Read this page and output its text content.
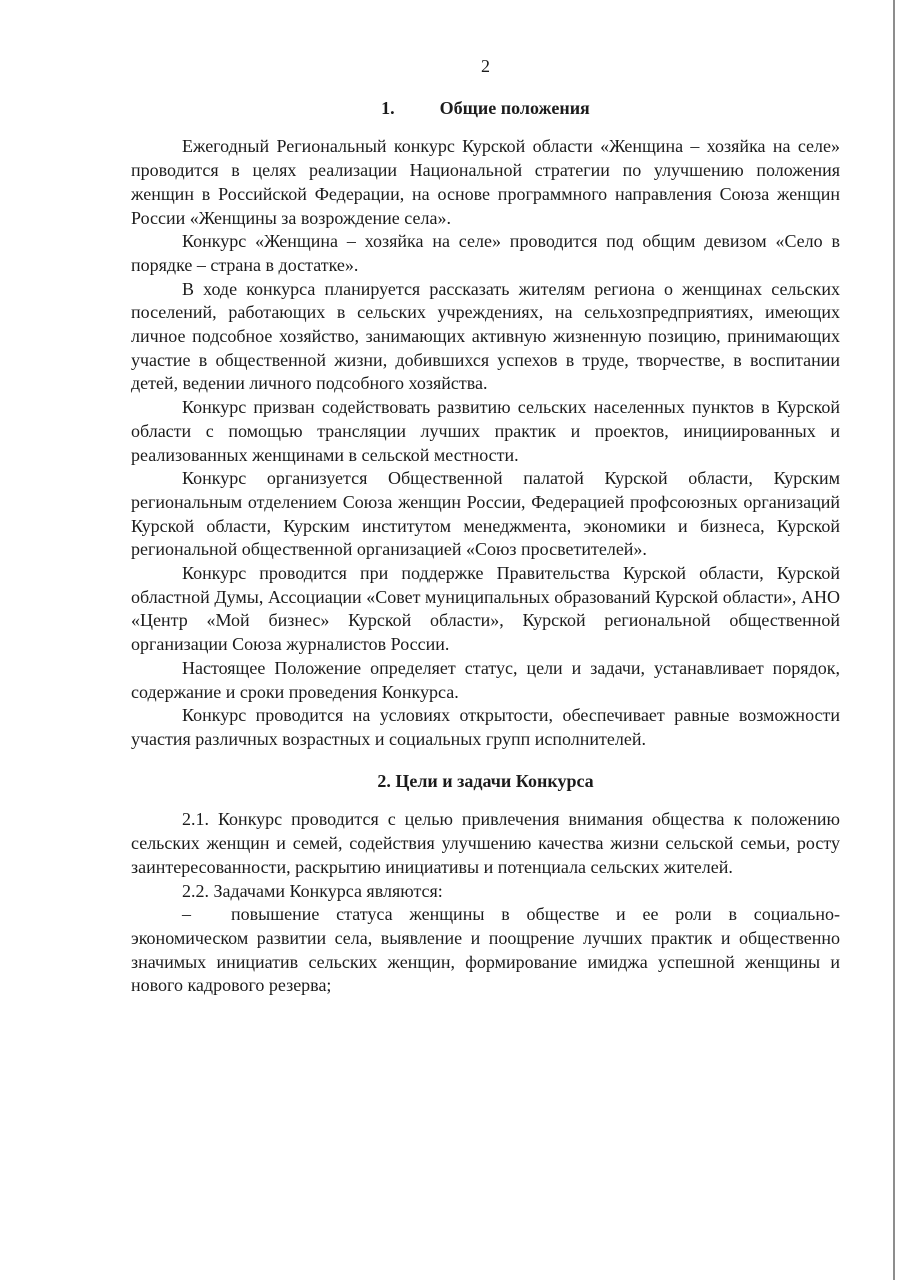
2
1.	Общие положения

Ежегодный Региональный конкурс Курской области «Женщина – хозяйка на селе» проводится в целях реализации Национальной стратегии по улучшению положения женщин в Российской Федерации, на основе программного направления Союза женщин России «Женщины за возрождение села».

Конкурс «Женщина – хозяйка на селе» проводится под общим девизом «Село в порядке – страна в достатке».

В ходе конкурса планируется рассказать жителям региона о женщинах сельских поселений, работающих в сельских учреждениях, на сельхозпредприятиях, имеющих личное подсобное хозяйство, занимающих активную жизненную позицию, принимающих участие в общественной жизни, добившихся успехов в труде, творчестве, в воспитании детей, ведении личного подсобного хозяйства.

Конкурс призван содействовать развитию сельских населенных пунктов в Курской области с помощью трансляции лучших практик и проектов, инициированных и реализованных женщинами в сельской местности.

Конкурс организуется Общественной палатой Курской области, Курским региональным отделением Союза женщин России, Федерацией профсоюзных организаций Курской области, Курским институтом менеджмента, экономики и бизнеса, Курской региональной общественной организацией «Союз просветителей».

Конкурс проводится при поддержке Правительства Курской области, Курской областной Думы, Ассоциации «Совет муниципальных образований Курской области», АНО «Центр «Мой бизнес» Курской области», Курской региональной общественной организации Союза журналистов России.

Настоящее Положение определяет статус, цели и задачи, устанавливает порядок, содержание и сроки проведения Конкурса.

Конкурс проводится на условиях открытости, обеспечивает равные возможности участия различных возрастных и социальных групп исполнителей.

2. Цели и задачи Конкурса

2.1. Конкурс проводится с целью привлечения внимания общества к положению сельских женщин и семей, содействия улучшению качества жизни сельской семьи, росту заинтересованности, раскрытию инициативы и потенциала сельских жителей.

2.2. Задачами Конкурса являются:

– повышение статуса женщины в обществе и ее роли в социально-экономическом развитии села, выявление и поощрение лучших практик и общественно значимых инициатив сельских женщин, формирование имиджа успешной женщины и нового кадрового резерва;
